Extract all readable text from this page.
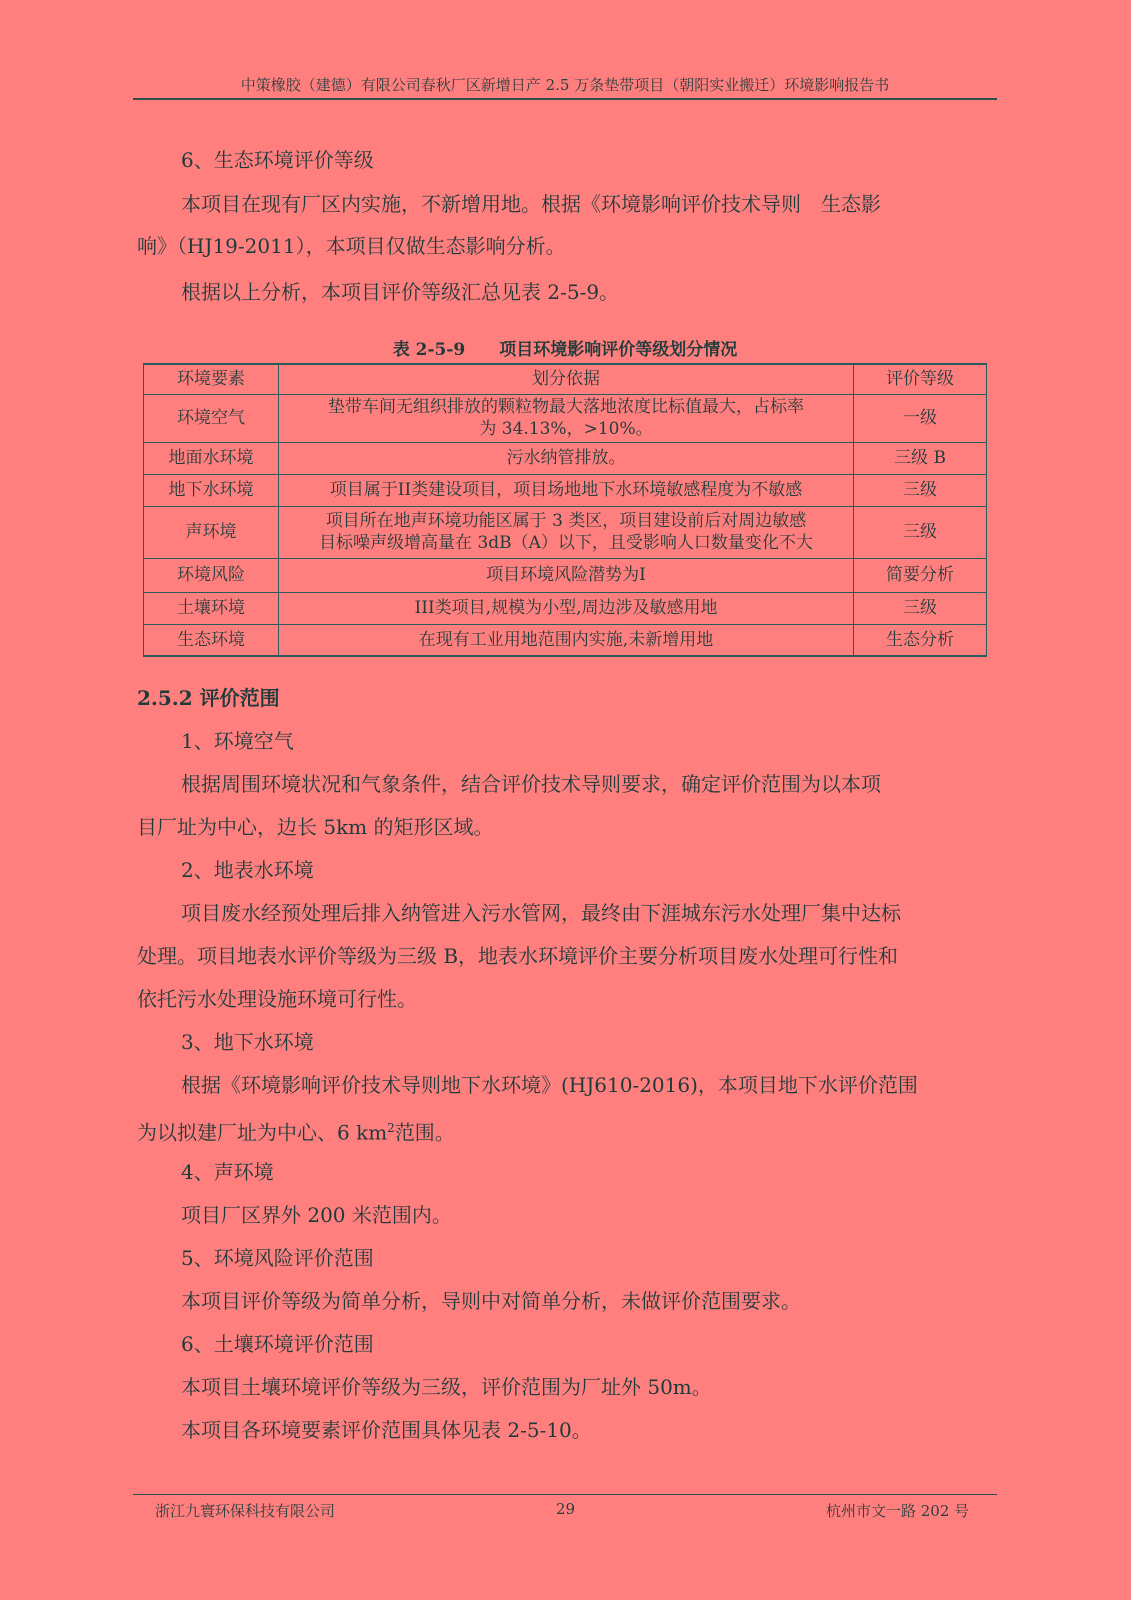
中策橡胶（建德）有限公司春秋厂区新增日产 2.5 万条垫带项目（朝阳实业搬迁）环境影响报告书
6、生态环境评价等级
本项目在现有厂区内实施，不新增用地。根据《环境影响评价技术导则　生态影
响》（HJ19-2011），本项目仅做生态影响分析。
根据以上分析，本项目评价等级汇总见表 2-5-9。
表 2-5-9　　项目环境影响评价等级划分情况
环境要素	划分依据	评价等级
环境空气	垫带车间无组织排放的颗粒物最大落地浓度比标值最大，占标率
为 34.13%，>10%。	一级
地面水环境	污水纳管排放。	三级 B
地下水环境	项目属于II类建设项目，项目场地地下水环境敏感程度为不敏感	三级
声环境	项目所在地声环境功能区属于 3 类区，项目建设前后对周边敏感
目标噪声级增高量在 3dB（A）以下，且受影响人口数量变化不大	三级
环境风险	项目环境风险潜势为I	简要分析
土壤环境	III类项目,规模为小型,周边涉及敏感用地	三级
生态环境	在现有工业用地范围内实施,未新增用地	生态分析
2.5.2 评价范围
1、环境空气
根据周围环境状况和气象条件，结合评价技术导则要求，确定评价范围为以本项
目厂址为中心，边长 5km 的矩形区域。
2、地表水环境
项目废水经预处理后排入纳管进入污水管网，最终由下涯城东污水处理厂集中达标
处理。项目地表水评价等级为三级 B，地表水环境评价主要分析项目废水处理可行性和
依托污水处理设施环境可行性。
3、地下水环境
根据《环境影响评价技术导则地下水环境》(HJ610-2016)，本项目地下水评价范围
为以拟建厂址为中心、6 $km^2$范围。
4、声环境
项目厂区界外 200 米范围内。
5、环境风险评价范围
本项目评价等级为简单分析，导则中对简单分析，未做评价范围要求。
6、土壤环境评价范围
本项目土壤环境评价等级为三级，评价范围为厂址外 50m。
本项目各环境要素评价范围具体见表 2-5-10。
浙江九寰环保科技有限公司	29	杭州市文一路 202 号
